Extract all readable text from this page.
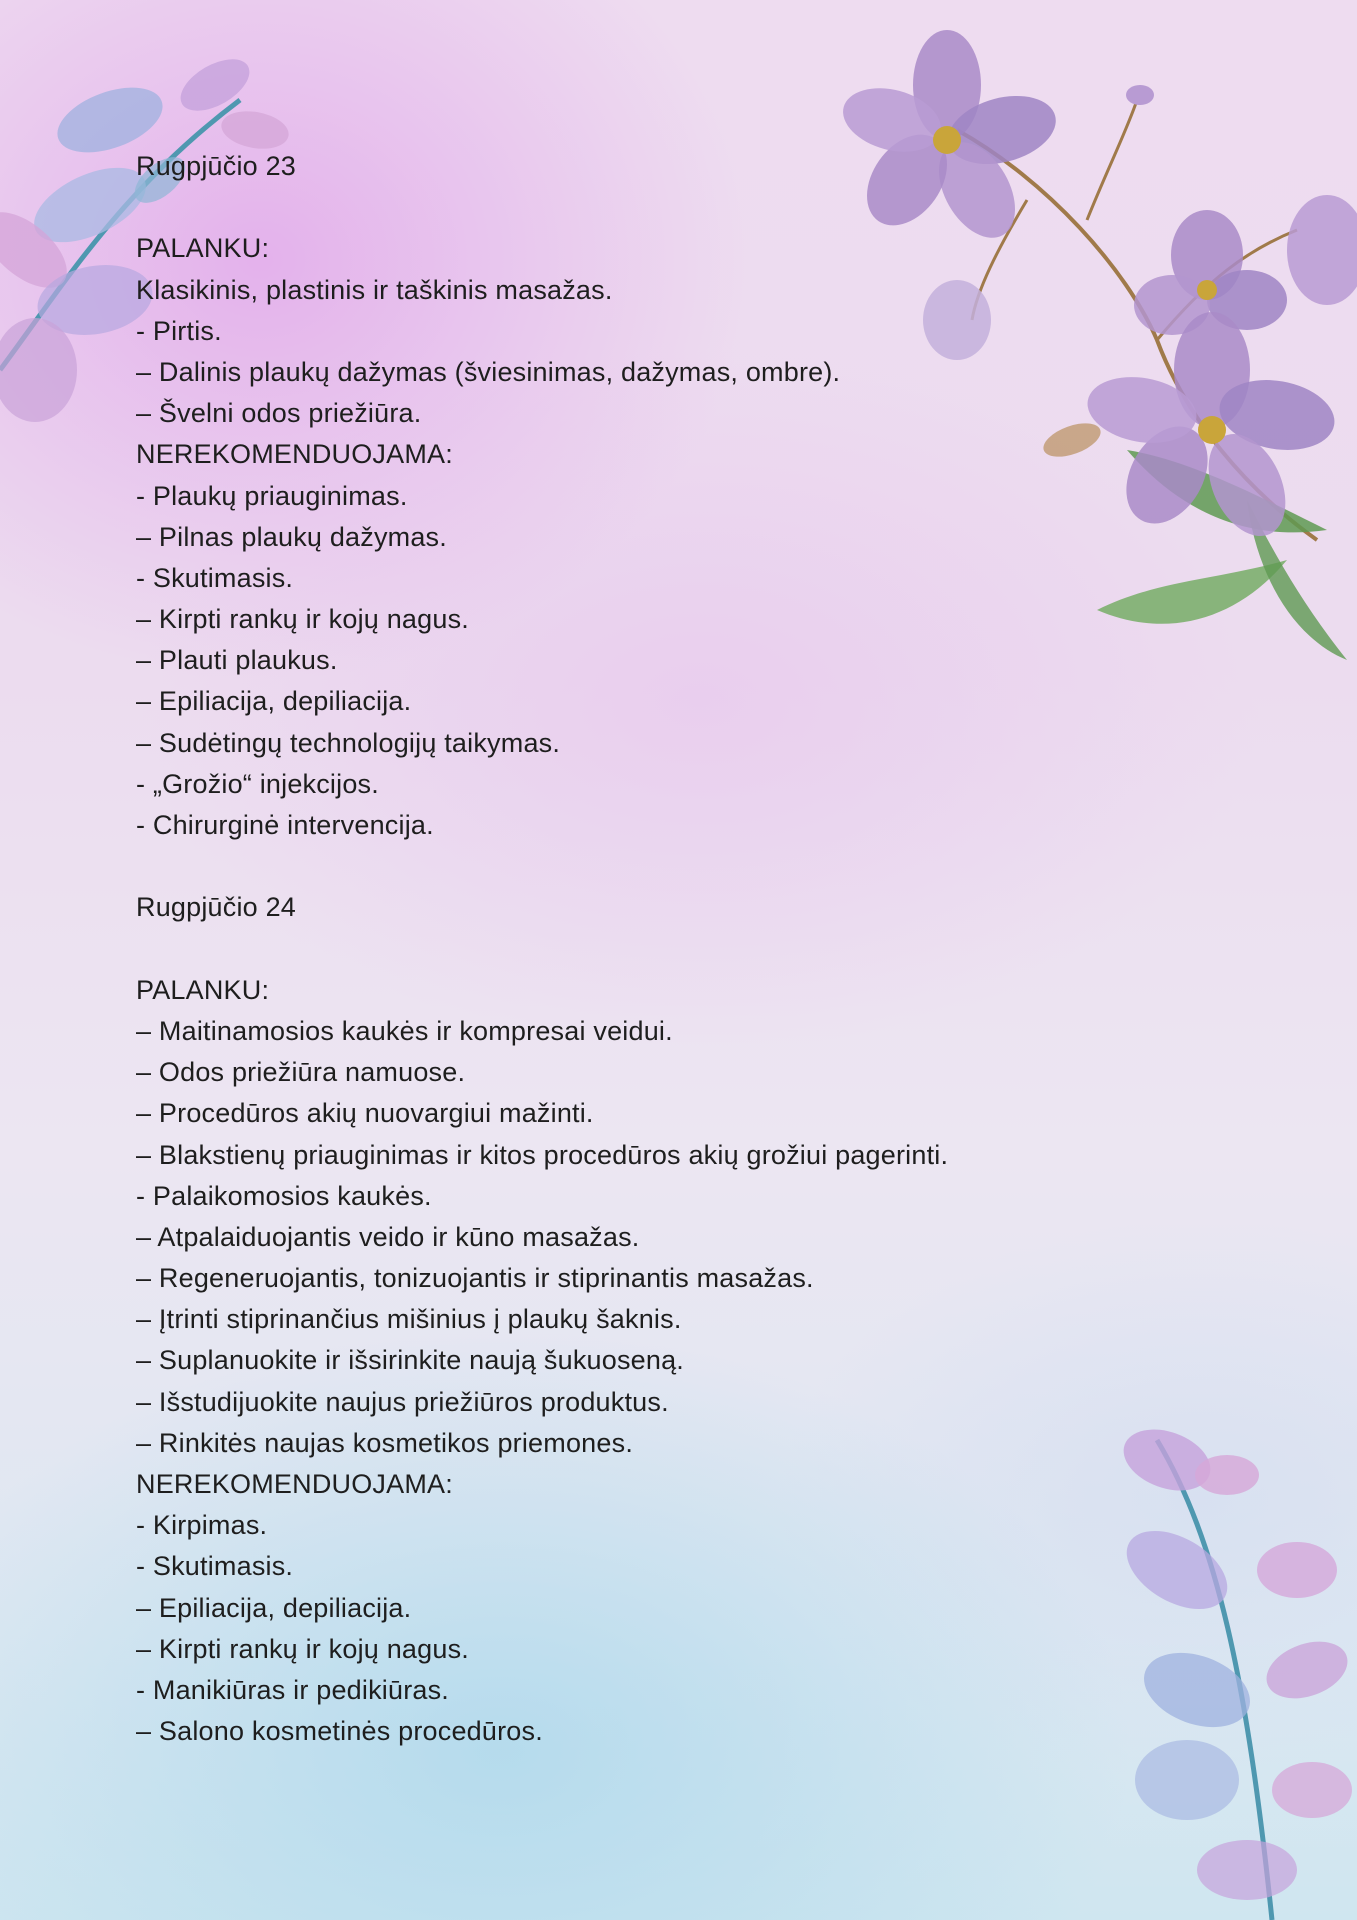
Rugpjūčio 23
PALANKU:
Klasikinis, plastinis ir taškinis masažas.
- Pirtis.
– Dalinis plaukų dažymas (šviesinimas, dažymas, ombre).
– Švelni odos priežiūra.
NEREKOMENDUOJAMA:
- Plaukų priauginimas.
– Pilnas plaukų dažymas.
- Skutimasis.
– Kirpti rankų ir kojų nagus.
– Plauti plaukus.
– Epiliacija, depiliacija.
– Sudėtingų technologijų taikymas.
- „Grožio“ injekcijos.
- Chirurginė intervencija.
Rugpjūčio 24
PALANKU:
– Maitinamosios kaukės ir kompresai veidui.
– Odos priežiūra namuose.
– Procedūros akių nuovargiui mažinti.
– Blakstienų priauginimas ir kitos procedūros akių grožiui pagerinti.
- Palaikomosios kaukės.
– Atpalaiduojantis veido ir kūno masažas.
– Regeneruojantis, tonizuojantis ir stiprinantis masažas.
– Įtrinti stiprinančius mišinius į plaukų šaknis.
– Suplanuokite ir išsirinkite naują šukuoseną.
– Išstudijuokite naujus priežiūros produktus.
– Rinkitės naujas kosmetikos priemones.
NEREKOMENDUOJAMA:
- Kirpimas.
- Skutimasis.
– Epiliacija, depiliacija.
– Kirpti rankų ir kojų nagus.
- Manikiūras ir pedikiūras.
– Salono kosmetinės procedūros.
